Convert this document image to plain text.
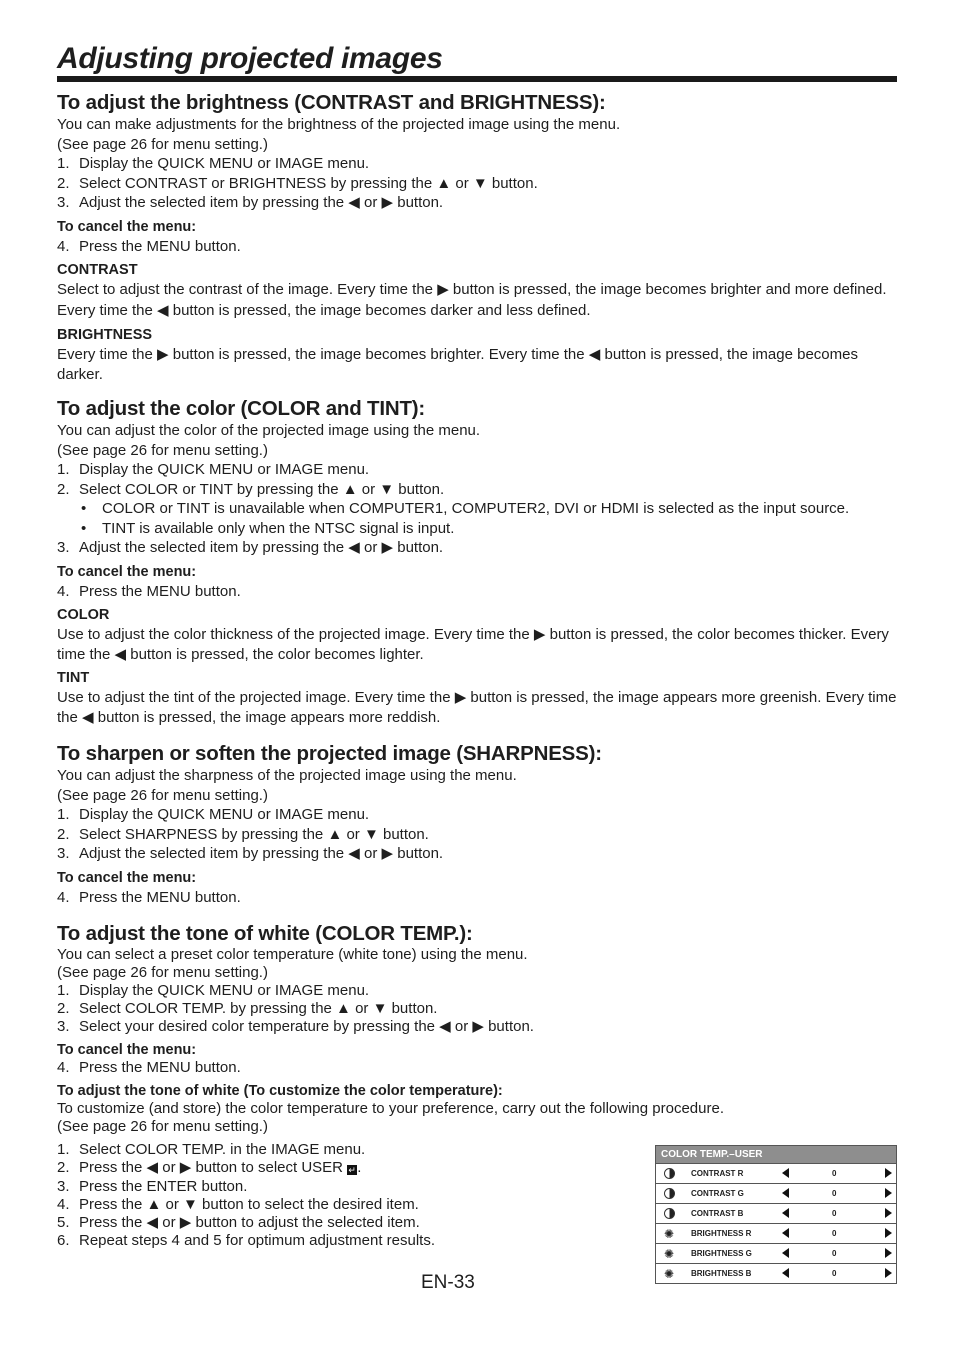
Adjusting projected images
To adjust the brightness (CONTRAST and BRIGHTNESS):

You can make adjustments for the brightness of the projected image using the menu.

(See page 26 for menu setting.)

1. Display the QUICK MENU or IMAGE menu.
2. Select CONTRAST or BRIGHTNESS by pressing the ▲ or ▼ button.
3. Adjust the selected item by pressing the ◀ or ▶ button.

To cancel the menu:

4. Press the MENU button.

CONTRAST

Select to adjust the contrast of the image. Every time the ▶ button is pressed, the image becomes brighter and more defined. Every time the ◀ button is pressed, the image becomes darker and less defined.

BRIGHTNESS

Every time the ▶ button is pressed, the image becomes brighter. Every time the ◀ button is pressed, the image becomes darker.

To adjust the color (COLOR and TINT):

You can adjust the color of the projected image using the menu.

(See page 26 for menu setting.)

1. Display the QUICK MENU or IMAGE menu.
2. Select COLOR or TINT by pressing the ▲ or ▼ button.
• COLOR or TINT is unavailable when COMPUTER1, COMPUTER2, DVI or HDMI is selected as the input source.
• TINT is available only when the NTSC signal is input.
3. Adjust the selected item by pressing the ◀ or ▶ button.

To cancel the menu:

4. Press the MENU button.

COLOR

Use to adjust the color thickness of the projected image. Every time the ▶ button is pressed, the color becomes thicker. Every time the ◀ button is pressed, the color becomes lighter.

TINT

Use to adjust the tint of the projected image. Every time the ▶ button is pressed, the image appears more greenish. Every time the ◀ button is pressed, the image appears more reddish.

To sharpen or soften the projected image (SHARPNESS):

You can adjust the sharpness of the projected image using the menu.

(See page 26 for menu setting.)

1. Display the QUICK MENU or IMAGE menu.
2. Select SHARPNESS by pressing the ▲ or ▼ button.
3. Adjust the selected item by pressing the ◀ or ▶ button.

To cancel the menu:

4. Press the MENU button.
To adjust the tone of white (COLOR TEMP.):

You can select a preset color temperature (white tone) using the menu.

(See page 26 for menu setting.)

1. Display the QUICK MENU or IMAGE menu.
2. Select COLOR TEMP. by pressing the ▲ or ▼ button.
3. Select your desired color temperature by pressing the ◀ or ▶ button.

To cancel the menu:

4. Press the MENU button.

To adjust the tone of white (To customize the color temperature):

To customize (and store) the color temperature to your preference, carry out the following procedure.

(See page 26 for menu setting.)

1. Select COLOR TEMP. in the IMAGE menu.
2. Press the ◀ or ▶ button to select USER ↵.
3. Press the ENTER button.
4. Press the ▲ or ▼ button to select the desired item.
5. Press the ◀ or ▶ button to adjust the selected item.
6. Repeat steps 4 and 5 for optimum adjustment results.
COLOR TEMP.–USER
CONTRAST R	0
CONTRAST G	0
CONTRAST B	0
✺ BRIGHTNESS R	0
✺ BRIGHTNESS G	0
✺ BRIGHTNESS B	0
EN-33
